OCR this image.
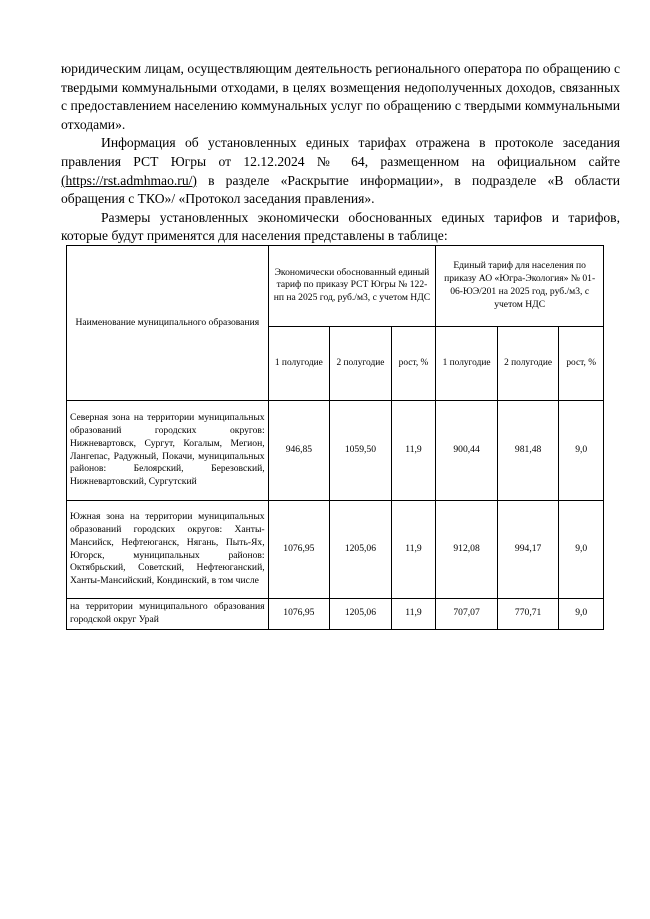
юридическим лицам, осуществляющим деятельность регионального оператора по обращению с твердыми коммунальными отходами, в целях возмещения недополученных доходов, связанных с предоставлением населению коммунальных услуг по обращению с твердыми коммунальными отходами».

Информация об установленных единых тарифах отражена в протоколе заседания правления РСТ Югры от 12.12.2024 № 64, размещенном на официальном сайте (https://rst.admhmao.ru/) в разделе «Раскрытие информации», в подразделе «В области обращения с ТКО»/ «Протокол заседания правления».

Размеры установленных экономически обоснованных единых тарифов и тарифов, которые будут применятся для населения представлены в таблице:

Наименование муниципального образования	Экономически обоснованный единый тариф по приказу РСТ Югры № 122-нп на 2025 год, руб./м3, с учетом НДС			Единый тариф для населения по приказу АО «Югра-Экология» № 01-06-ЮЭ/201 на 2025 год, руб./м3, с учетом НДС		
	1 полугодие	2 полугодие	рост, %	1 полугодие	2 полугодие	рост, %
Северная зона на территории муниципальных образований городских округов: Нижневартовск, Сургут, Когалым, Мегион, Лангепас, Радужный, Покачи, муниципальных районов: Белоярский, Березовский, Нижневартовский, Сургутский	946,85	1059,50	11,9	900,44	981,48	9,0
Южная зона на территории муниципальных образований городских округов: Ханты-Мансийск, Нефтеюганск, Нягань, Пыть-Ях, Югорск, муниципальных районов: Октябрьский, Советский, Нефтеюганский, Ханты-Мансийский, Кондинский, в том числе	1076,95	1205,06	11,9	912,08	994,17	9,0
на территории муниципального образования городской округ Урай	1076,95	1205,06	11,9	707,07	770,71	9,0
